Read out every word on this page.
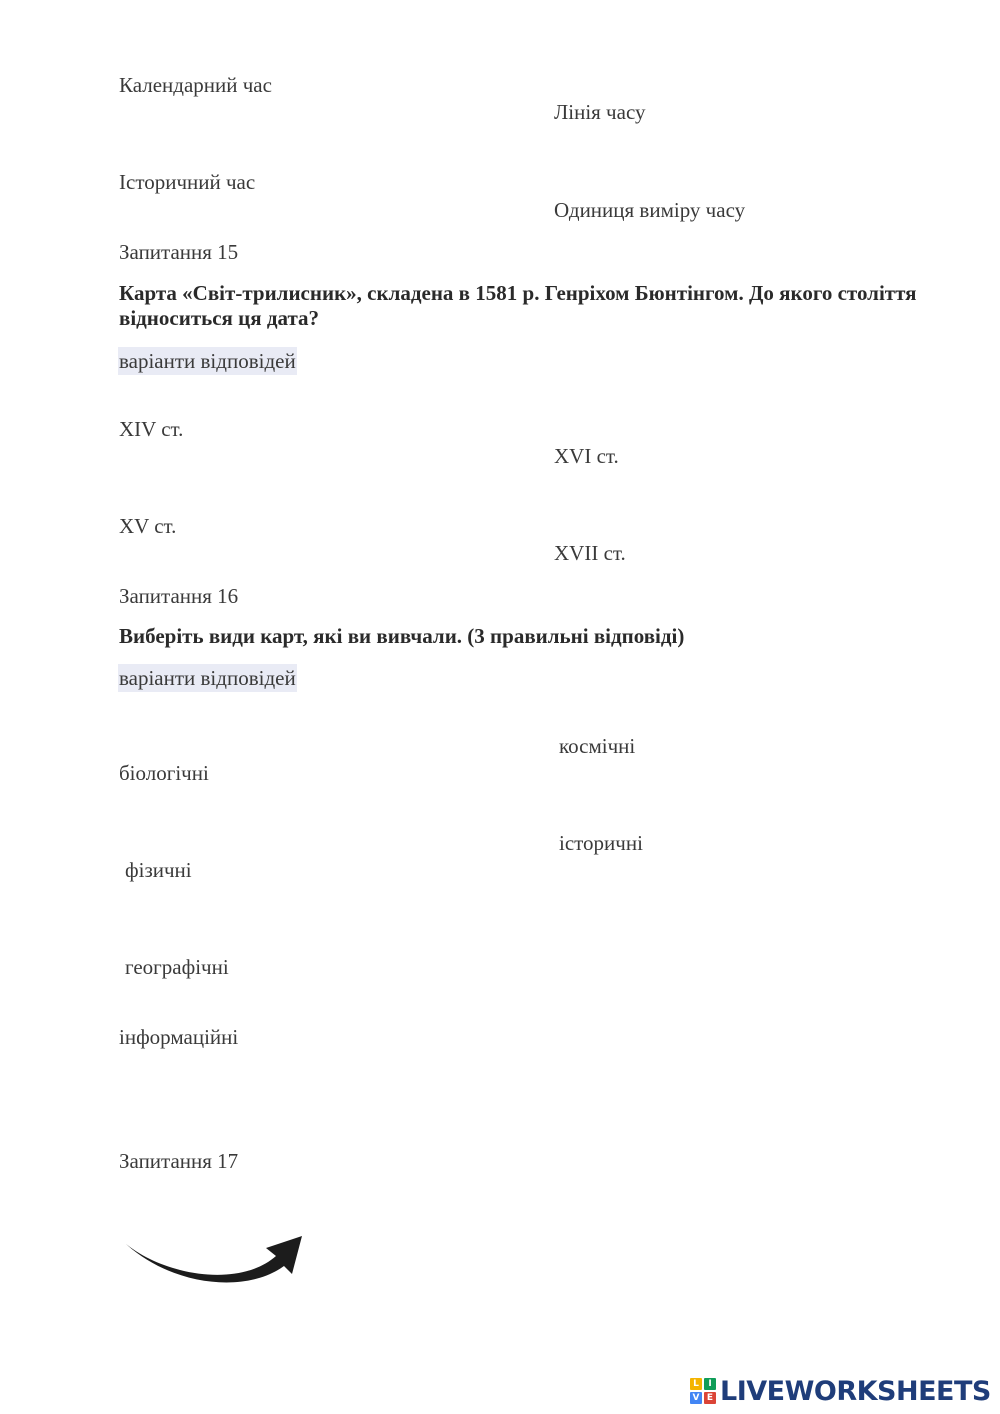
Календарний час
Лінія часу
Історичний час
Одиниця виміру часу
Запитання 15
Карта «Світ-трилисник», складена в 1581 р. Генріхом Бюнтінгом. До якого століття відноситься ця дата?
варіанти відповідей
XIV ст.
XVI ст.
XV ст.
XVII ст.
Запитання 16
Виберіть види карт, які ви вивчали. (3 правильні відповіді)
варіанти відповідей
космічні
біологічні
історичні
фізичні
географічні
інформаційні
Запитання 17
L	I
V E LIVEWORKSHEETS
